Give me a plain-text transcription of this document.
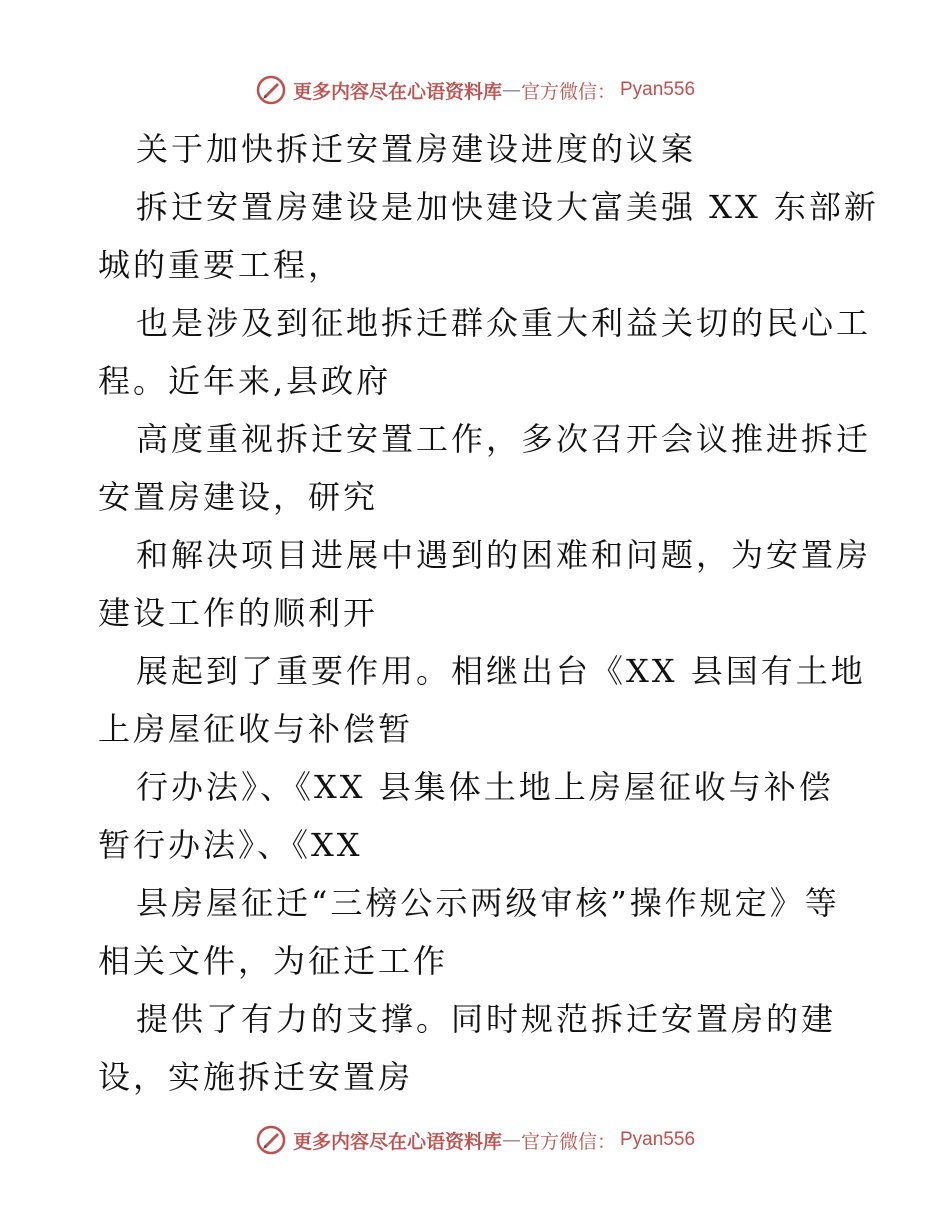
更多内容尽在心语资料库 — 官方微信： Pyan556
关于加快拆迁安置房建设进度的议案
拆迁安置房建设是加快建设大富美强 XX 东部新
城的重要工程，
也是涉及到征地拆迁群众重大利益关切的民心工
程。近年来,县政府
高度重视拆迁安置工作，多次召开会议推进拆迁
安置房建设，研究
和解决项目进展中遇到的困难和问题，为安置房
建设工作的顺利开
展起到了重要作用。相继出台《XX 县国有土地
上房屋征收与补偿暂
行办法》、《XX 县集体土地上房屋征收与补偿
暂行办法》、《XX
县房屋征迁“三榜公示两级审核”操作规定》等
相关文件，为征迁工作
提供了有力的支撑。同时规范拆迁安置房的建
设，实施拆迁安置房
更多内容尽在心语资料库 — 官方微信： Pyan556
